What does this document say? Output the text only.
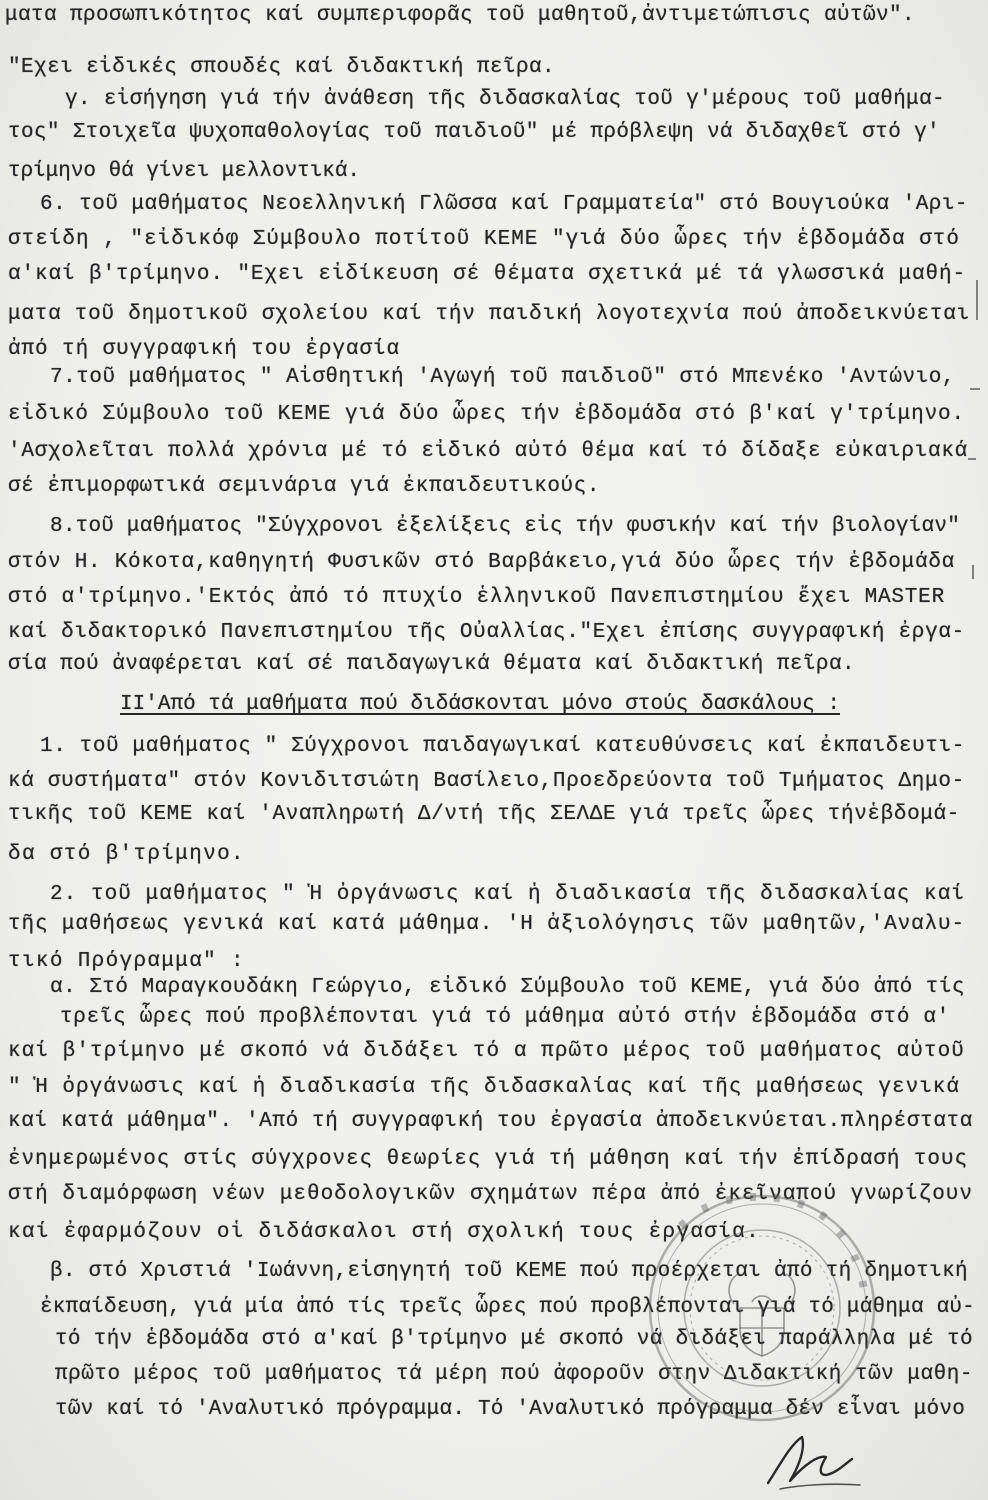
ματα προσωπικότητος καί συμπεριφορᾶς τοῦ μαθητοῦ,ἀντιμετώπισις αὐτῶν".
"Εχει εἰδικές σπουδές καί διδακτική πεῖρα.
γ. εἰσήγηση γιά τήν ἀνάθεση τῆς διδασκαλίας τοῦ γ'μέρους τοῦ μαθήμα-
τος" Στοιχεῖα ψυχοπαθολογίας τοῦ παιδιοῦ" μέ πρόβλεψη νά διδαχθεῖ στό γ'
τρίμηνο θά γίνει μελλοντικά.
6. τοῦ μαθήματος Νεοελληνική Γλῶσσα καί Γραμματεία" στό Βουγιούκα 'Αρι-
στείδη , "εἰδικόφ Σύμβουλο ποτίτοῦ ΚΕΜΕ "γιά δύο ὧρες τήν ἑβδομάδα στό
α'καί β'τρίμηνο. "Εχει εἰδίκευση σέ θέματα σχετικά μέ τά γλωσσικά μαθή-
ματα τοῦ δημοτικοῦ σχολείου καί τήν παιδική λογοτεχνία πού ἀποδεικνύεται
ἀπό τή συγγραφική του ἐργασία
7.τοῦ μαθήματος " Αἰσθητική 'Αγωγή τοῦ παιδιοῦ" στό Μπενέκο 'Αντώνιο,
εἰδικό Σύμβουλο τοῦ ΚΕΜΕ γιά δύο ὧρες τήν ἑβδομάδα στό β'καί γ'τρίμηνο.
'Ασχολεῖται πολλά χρόνια μέ τό εἰδικό αὐτό θέμα καί τό δίδαξε εὐκαιριακά
σέ ἐπιμορφωτικά σεμινάρια γιά ἐκπαιδευτικούς.
8.τοῦ μαθήματος "Σύγχρονοι ἐξελίξεις εἰς τήν φυσικήν καί τήν βιολογίαν"
στόν Η. Κόκοτα,καθηγητή Φυσικῶν στό Βαρβάκειο,γιά δύο ὧρες τήν ἑβδομάδα
στό α'τρίμηνο.'Εκτός ἀπό τό πτυχίο ἑλληνικοῦ Πανεπιστημίου ἔχει MASTER
καί διδακτορικό Πανεπιστημίου τῆς Οὐαλλίας."Εχει ἐπίσης συγγραφική ἐργα-
σία πού ἀναφέρεται καί σέ παιδαγωγικά θέματα καί διδακτική πεῖρα.
ΙΙ'Από τά μαθήματα πού διδάσκονται μόνο στούς δασκάλους :
1. τοῦ μαθήματος " Σύγχρονοι παιδαγωγικαί κατευθύνσεις καί ἐκπαιδευτι-
κά συστήματα" στόν Κονιδιτσιώτη Βασίλειο,Προεδρεύοντα τοῦ Τμήματος Δημο-
τικῆς τοῦ ΚΕΜΕ καί 'Αναπληρωτή Δ/ντή τῆς ΣΕΛΔΕ γιά τρεῖς ὧρες τήνἑβδομά-
δα στό β'τρίμηνο.
2. τοῦ μαθήματος " Ἡ ὀργάνωσις καί ἡ διαδικασία τῆς διδασκαλίας καί
τῆς μαθήσεως γενικά καί κατά μάθημα. 'Η ἀξιολόγησις τῶν μαθητῶν,'Αναλυ-
τικό Πρόγραμμα" :
α. Στό Μαραγκουδάκη Γεώργιο, εἰδικό Σύμβουλο τοῦ ΚΕΜΕ, γιά δύο ἀπό τίς
τρεῖς ὧρες πού προβλέπονται γιά τό μάθημα αὐτό στήν ἑβδομάδα στό α'
καί β'τρίμηνο μέ σκοπό νά διδάξει τό α πρῶτο μέρος τοῦ μαθήματος αὐτοῦ
" Ἡ ὀργάνωσις καί ἡ διαδικασία τῆς διδασκαλίας καί τῆς μαθήσεως γενικά
καί κατά μάθημα". 'Από τή συγγραφική του ἐργασία ἀποδεικνύεται.πληρέστατα
ἐνημερωμένος στίς σύγχρονες θεωρίες γιά τή μάθηση καί τήν ἐπίδρασή τους
στή διαμόρφωση νέων μεθοδολογικῶν σχημάτων πέρα ἀπό ἐκεῖναπού γνωρίζουν
καί ἐφαρμόζουν οἱ διδάσκαλοι στή σχολική τους ἐργασία.
β. στό Χριστιά 'Ιωάννη,εἰσηγητή τοῦ ΚΕΜΕ πού προέρχεται ἀπό τή δημοτική
ἐκπαίδευση, γιά μία ἀπό τίς τρεῖς ὧρες πού προβλέπονται γιά τό μάθημα αὐ-
τό τήν ἑβδομάδα στό α'καί β'τρίμηνο μέ σκοπό νά διδάξει παράλληλα μέ τό
πρῶτο μέρος τοῦ μαθήματος τά μέρη πού ἀφοροῦν στην Διδακτική τῶν μαθη-
τῶν καί τό 'Αναλυτικό πρόγραμμα. Τό 'Αναλυτικό πρόγραμμα δέν εἶναι μόνο
